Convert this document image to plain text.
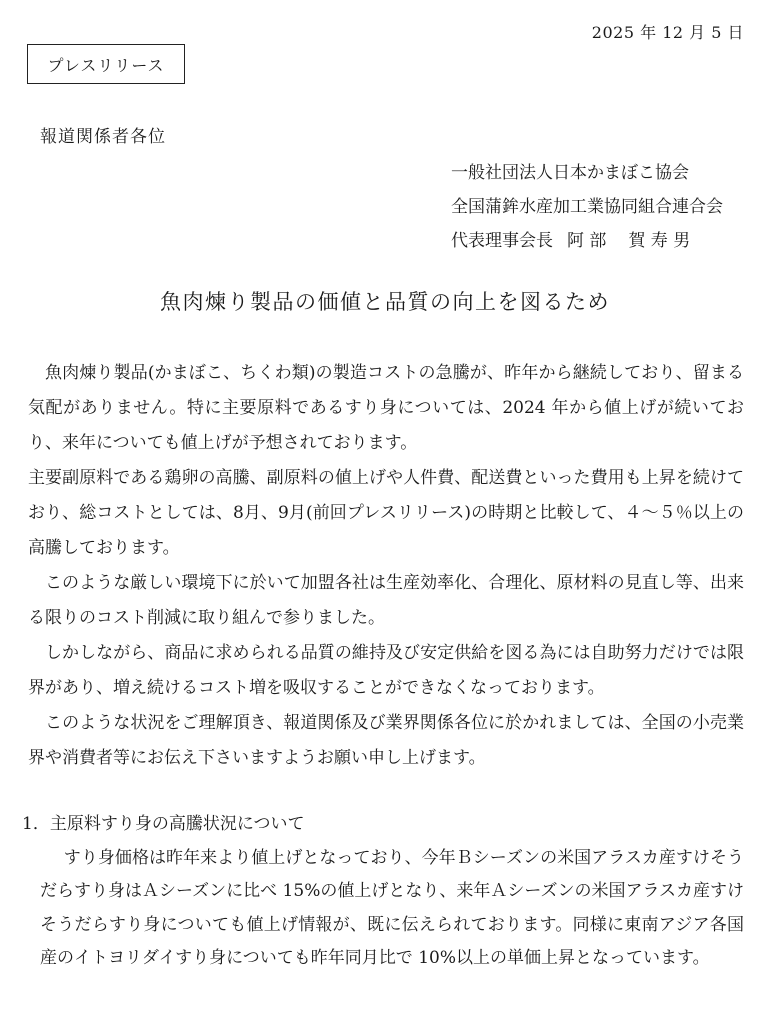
2025 年 12 月 5 日
プレスリリース
報道関係者各位
一般社団法人日本かまぼこ協会
全国蒲鉾水産加工業協同組合連合会
代表理事会長 阿 部 賀 寿 男
魚肉煉り製品の価値と品質の向上を図るため

魚肉煉り製品(かまぼこ、ちくわ類)の製造コストの急騰が、昨年から継続しており、留まる気配がありません。特に主要原料であるすり身については、2024 年から値上げが続いており、来年についても値上げが予想されております。

主要副原料である鶏卵の高騰、副原料の値上げや人件費、配送費といった費用も上昇を続けており、総コストとしては、8月、9月(前回プレスリリース)の時期と比較して、４～５％以上の高騰しております。

このような厳しい環境下に於いて加盟各社は生産効率化、合理化、原材料の見直し等、出来る限りのコスト削減に取り組んで参りました。

しかしながら、商品に求められる品質の維持及び安定供給を図る為には自助努力だけでは限界があり、増え続けるコスト増を吸収することができなくなっております。

このような状況をご理解頂き、報道関係及び業界関係各位に於かれましては、全国の小売業界や消費者等にお伝え下さいますようお願い申し上げます。

1．主原料すり身の高騰状況について

すり身価格は昨年来より値上げとなっており、今年Ｂシーズンの米国アラスカ産すけそうだらすり身はＡシーズンに比べ 15%の値上げとなり、来年Ａシーズンの米国アラスカ産すけそうだらすり身についても値上げ情報が、既に伝えられております。同様に東南アジア各国産のイトヨリダイすり身についても昨年同月比で 10%以上の単価上昇となっています。
